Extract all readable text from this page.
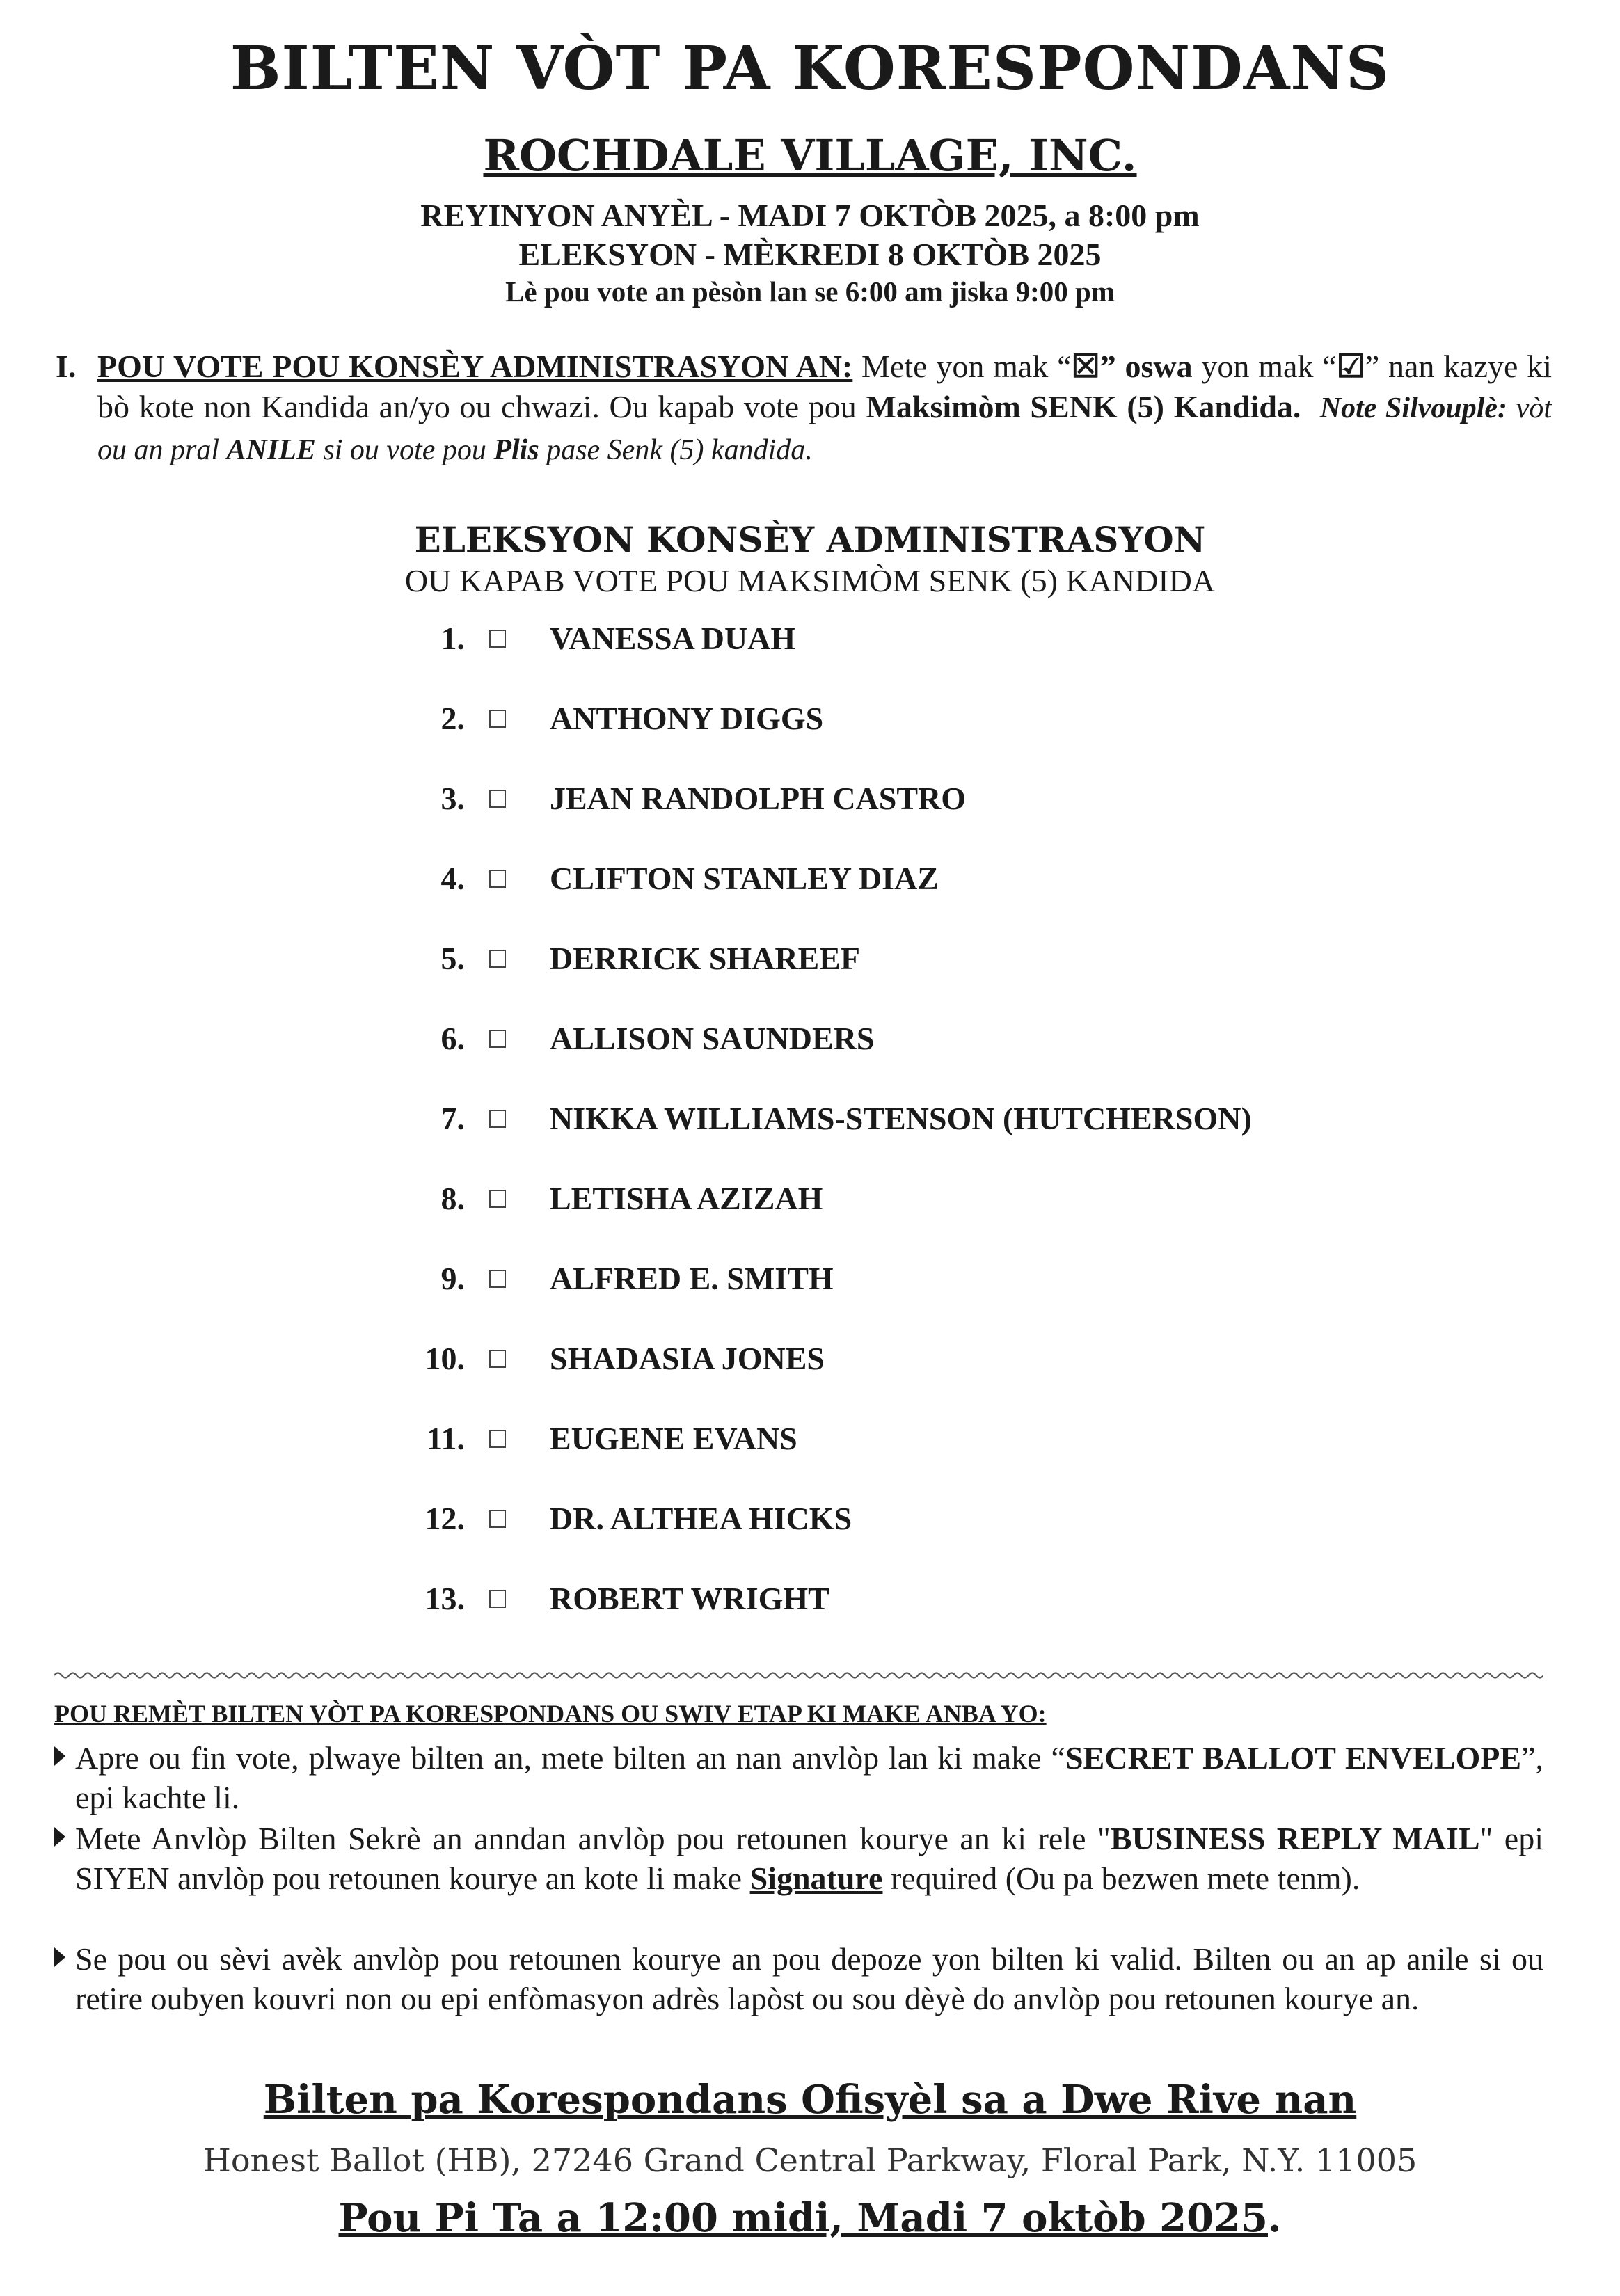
BILTEN VÒT PA KORESPONDANS
ROCHDALE VILLAGE, INC.
REYINYON ANYÈL - MADI 7 OKTÒB 2025, a 8:00 pm
ELEKSYON - MÈKREDI 8 OKTÒB 2025
Lè pou vote an pèsòn lan se 6:00 am jiska 9:00 pm
I. POU VOTE POU KONSÈY ADMINISTRASYON AN: Mete yon mak “☒” oswa yon mak “☑” nan kazye ki bò kote non Kandida an/yo ou chwazi. Ou kapab vote pou Maksimòm SENK (5) Kandida. Note Silvouplè: vòt ou an pral ANILE si ou vote pou Plis pase Senk (5) kandida.
ELEKSYON KONSÈY ADMINISTRASYON
OU KAPAB VOTE POU MAKSIMÒM SENK (5) KANDIDA
1.	VANESSA DUAH
2.	ANTHONY DIGGS
3.	JEAN RANDOLPH CASTRO
4.	CLIFTON STANLEY DIAZ
5.	DERRICK SHAREEF
6.	ALLISON SAUNDERS
7.	NIKKA WILLIAMS-STENSON (HUTCHERSON)
8.	LETISHA AZIZAH
9.	ALFRED E. SMITH
10.	SHADASIA JONES
11.	EUGENE EVANS
12.	DR. ALTHEA HICKS
13.	ROBERT WRIGHT
POU REMÈT BILTEN VÒT PA KORESPONDANS OU SWIV ETAP KI MAKE ANBA YO:
Apre ou fin vote, plwaye bilten an, mete bilten an nan anvlòp lan ki make “SECRET BALLOT ENVELOPE”, epi kachte li.
Mete Anvlòp Bilten Sekrè an anndan anvlòp pou retounen kourye an ki rele "BUSINESS REPLY MAIL" epi SIYEN anvlòp pou retounen kourye an kote li make Signature required (Ou pa bezwen mete tenm).
Se pou ou sèvi avèk anvlòp pou retounen kourye an pou depoze yon bilten ki valid. Bilten ou an ap anile si ou retire oubyen kouvri non ou epi enfòmasyon adrès lapòst ou sou dèyè do anvlòp pou retounen kourye an.
Bilten pa Korespondans Ofisyèl sa a Dwe Rive nan
Honest Ballot (HB), 27246 Grand Central Parkway, Floral Park, N.Y. 11005
Pou Pi Ta a 12:00 midi, Madi 7 oktòb 2025.
